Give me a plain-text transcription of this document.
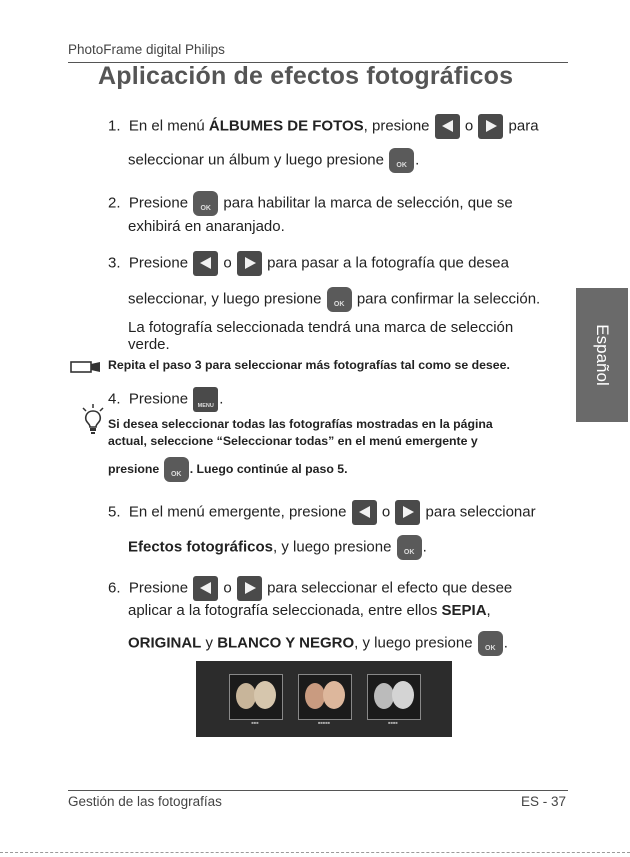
PhotoFrame digital Philips
Aplicación de efectos fotográficos
1. En el menú ÁLBUMES DE FOTOS, presione o para
seleccionar un álbum y luego presione OK .
2. Presione OK para habilitar la marca de selección, que se
exhibirá en anaranjado.
3. Presione o para pasar a la fotografía que desea
seleccionar, y luego presione OK para confirmar la selección.
La fotografía seleccionada tendrá una marca de selección
verde.
Repita el paso 3 para seleccionar más fotografías tal como se desee.
4. Presione MENU .
Si desea seleccionar todas las fotografías mostradas en la página
actual, seleccione “Seleccionar todas” en el menú emergente y
presione OK . Luego continúe al paso 5.
5. En el menú emergente, presione o para seleccionar
Efectos fotográficos, y luego presione OK .
6. Presione o para seleccionar el efecto que desee
aplicar a la fotografía seleccionada, entre ellos SEPIA,
ORIGINAL y BLANCO Y NEGRO, y luego presione OK .
Español
■■■	■■■■■	■■■■
Gestión de las fotografías	ES - 37
